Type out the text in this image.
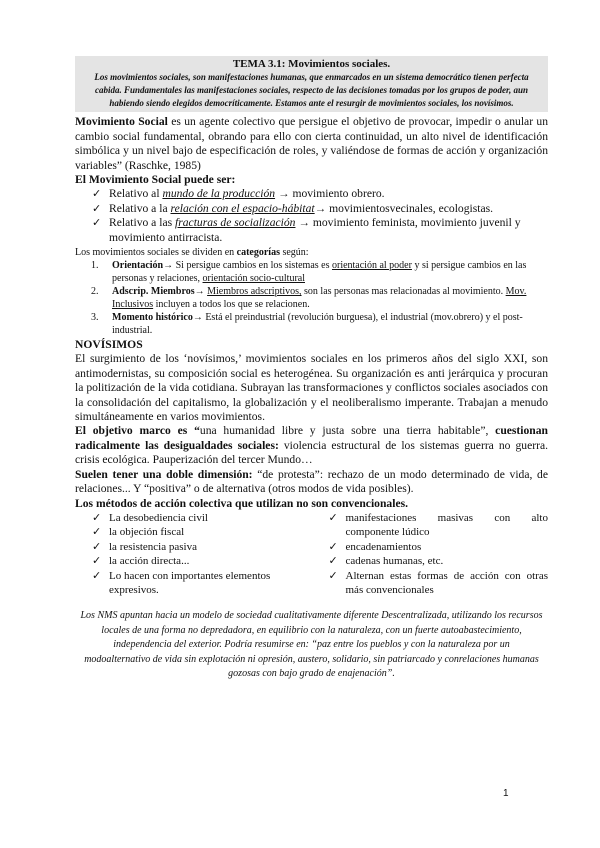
TEMA 3.1: Movimientos sociales.

Los movimientos sociales, son manifestaciones humanas, que enmarcados en un sistema democrático tienen perfecta cabida. Fundamentales las manifestaciones sociales, respecto de las decisiones tomadas por los grupos de poder, aun habiendo siendo elegidos democríticamente. Estamos ante el resurgir de movimientos sociales, los novísimos.

Movimiento Social es un agente colectivo que persigue el objetivo de provocar, impedir o anular un cambio social fundamental, obrando para ello con cierta continuidad, un alto nivel de identificación simbólica y un nivel bajo de especificación de roles, y valiéndose de formas de acción y organización variables” (Raschke, 1985)

El Movimiento Social puede ser:

✓ Relativo al mundo de la producción → movimiento obrero.
✓ Relativo a la relación con el espacio-hábitat→ movimientosvecinales, ecologistas.
✓ Relativo a las fracturas de socialización → movimiento feminista, movimiento juvenil y movimiento antirracista.

Los movimientos sociales se dividen en categorías según:

1. Orientación→ Si persigue cambios en los sistemas es orientación al poder y si persigue cambios en las personas y relaciones, orientación socio-cultural
2. Adscrip. Miembros→ Miembros adscriptivos, son las personas mas relacionadas al movimiento. Mov. Inclusivos incluyen a todos los que se relacionen.
3. Momento histórico→ Está el preindustrial (revolución burguesa), el industrial (mov.obrero) y el post-industrial.

NOVÍSIMOS

El surgimiento de los ‘novísimos,’ movimientos sociales en los primeros años del siglo XXI, son antimodernistas, su composición social es heterogénea. Su organización es anti jerárquica y procuran la politización de la vida cotidiana. Subrayan las transformaciones y conflictos sociales asociados con la consolidación del capitalismo, la globalización y el neoliberalismo imperante. Trabajan a menudo simultáneamente en varios movimientos.

El objetivo marco es “una humanidad libre y justa sobre una tierra habitable”, cuestionan radicalmente las desigualdades sociales: violencia estructural de los sistemas guerra no guerra. crisis ecológica. Pauperización del tercer Mundo…

Suelen tener una doble dimensión: “de protesta”: rechazo de un modo determinado de vida, de relaciones... Y “positiva” o de alternativa (otros modos de vida posibles).

Los métodos de acción colectiva que utilizan no son convencionales.

✓ La desobediencia civil
✓ la objeción fiscal
✓ la resistencia pasiva
✓ la acción directa...
✓ Lo hacen con importantes elementos expresivos.
✓ manifestaciones masivas con alto componente lúdico
✓ encadenamientos
✓ cadenas humanas, etc.
✓ Alternan estas formas de acción con otras más convencionales

Los NMS apuntan hacia un modelo de sociedad cualitativamente diferente Descentralizada, utilizando los recursos locales de una forma no depredadora, en equilibrio con la naturaleza, con un fuerte autoabastecimiento, independencia del exterior. Podría resumirse en: “paz entre los pueblos y con la naturaleza por un modoalternativo de vida sin explotación ni opresión, austero, solidario, sin patriarcado y conrelaciones humanas gozosas con bajo grado de enajenación”.

1
